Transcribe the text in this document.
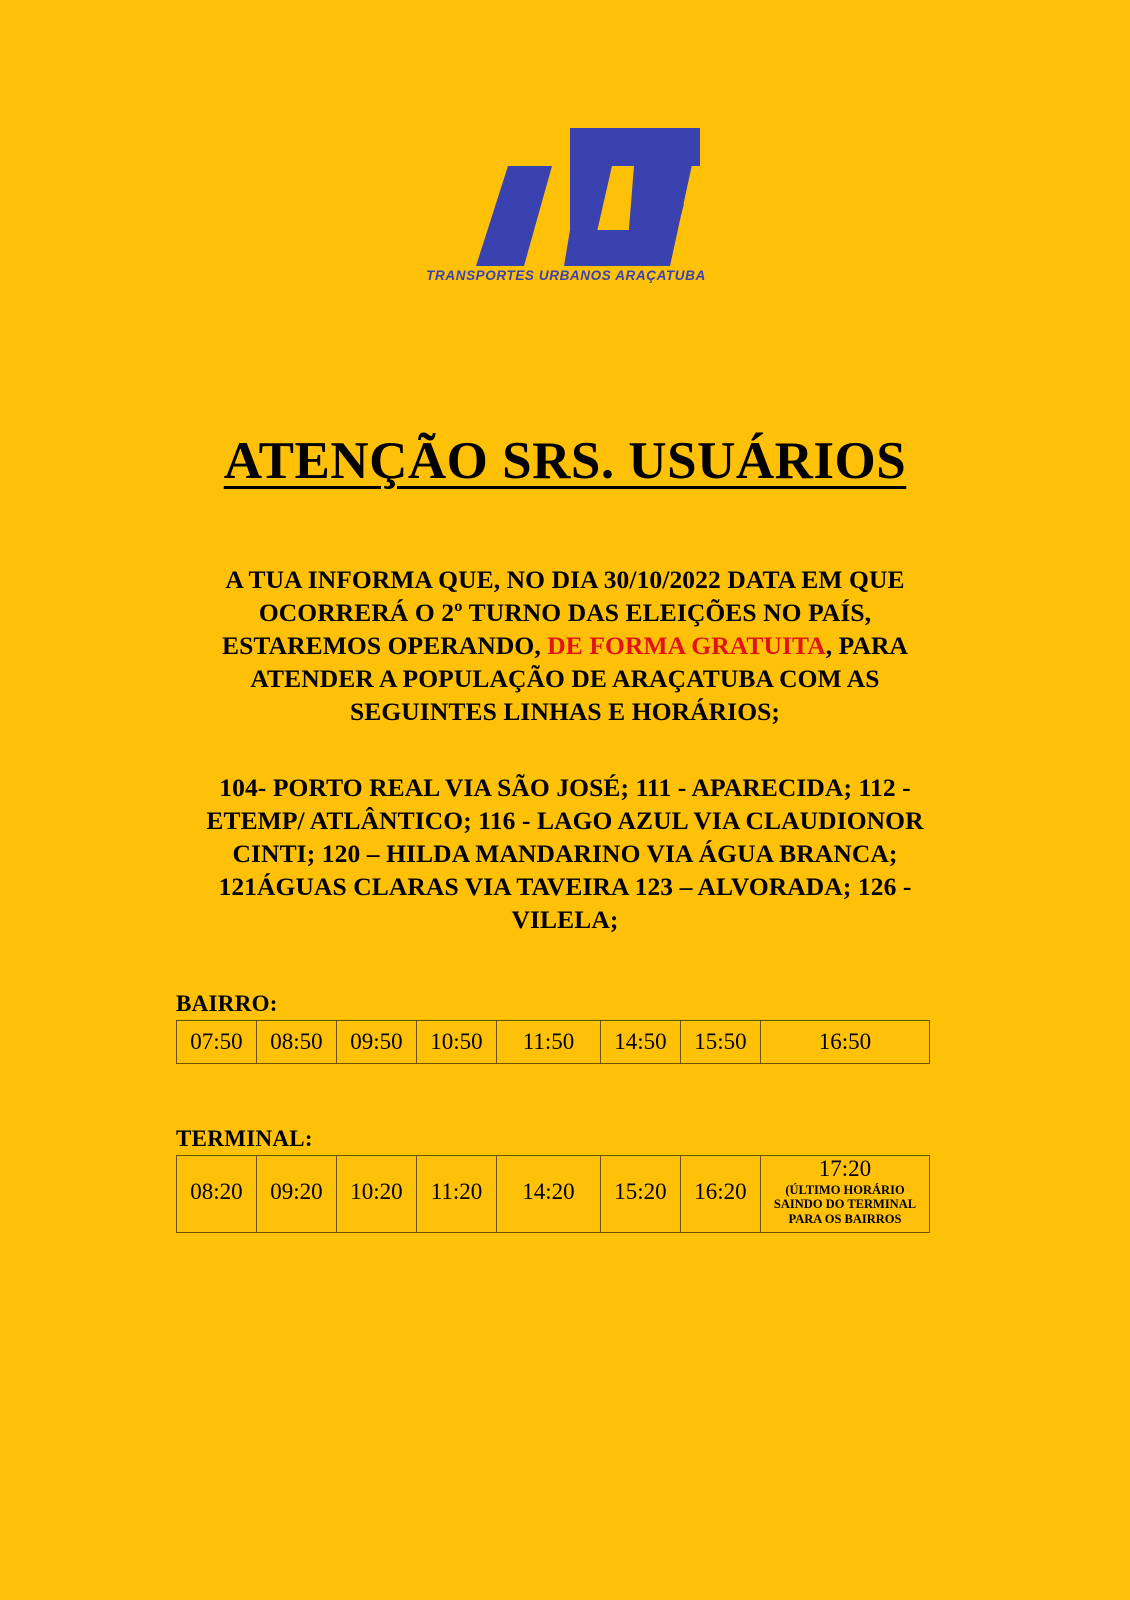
TRANSPORTES URBANOS ARAÇATUBA
ATENÇÃO SRS. USUÁRIOS
A TUA INFORMA QUE, NO DIA 30/10/2022 DATA EM QUE OCORRERÁ O 2º TURNO DAS ELEIÇÕES NO PAÍS, ESTAREMOS OPERANDO, DE FORMA GRATUITA, PARA ATENDER A POPULAÇÃO DE ARAÇATUBA COM AS SEGUINTES LINHAS E HORÁRIOS;
104- PORTO REAL VIA SÃO JOSÉ; 111 - APARECIDA; 112 - ETEMP/ ATLÂNTICO; 116 - LAGO AZUL VIA CLAUDIONOR CINTI; 120 – HILDA MANDARINO VIA ÁGUA BRANCA; 121ÁGUAS CLARAS VIA TAVEIRA 123 – ALVORADA; 126 - VILELA;
BAIRRO:
07:50	08:50	09:50	10:50	11:50	14:50	15:50	16:50
TERMINAL:
08:20	09:20	10:20	11:20	14:20	15:20	16:20	17:20
(ÚLTIMO HORÁRIO SAINDO DO TERMINAL PARA OS BAIRROS
